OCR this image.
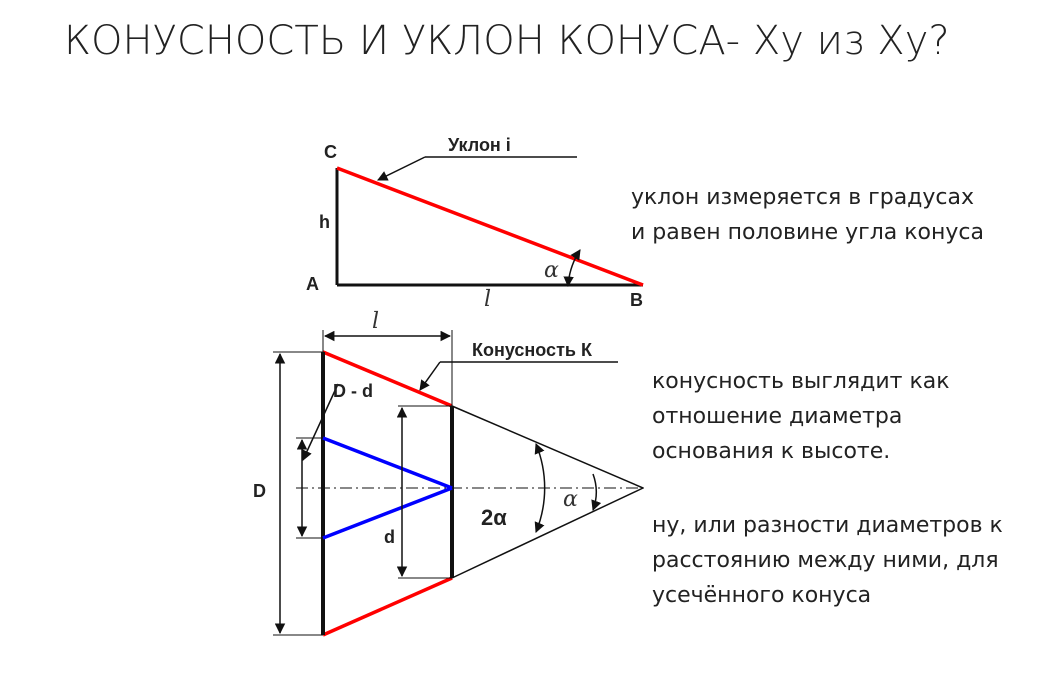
КОНУСНОСТЬ И УКЛОН КОНУСА- Ху из Ху?
C
h
A
B
l
α
Уклон i
l
Конусность К
D - d
D
d
2α
α
уклон измеряется в градусах
и равен половине угла конуса
конусность выглядит как
отношение диаметра
основания к высоте.
ну, или разности диаметров к
расстоянию между ними, для
усечённого конуса
